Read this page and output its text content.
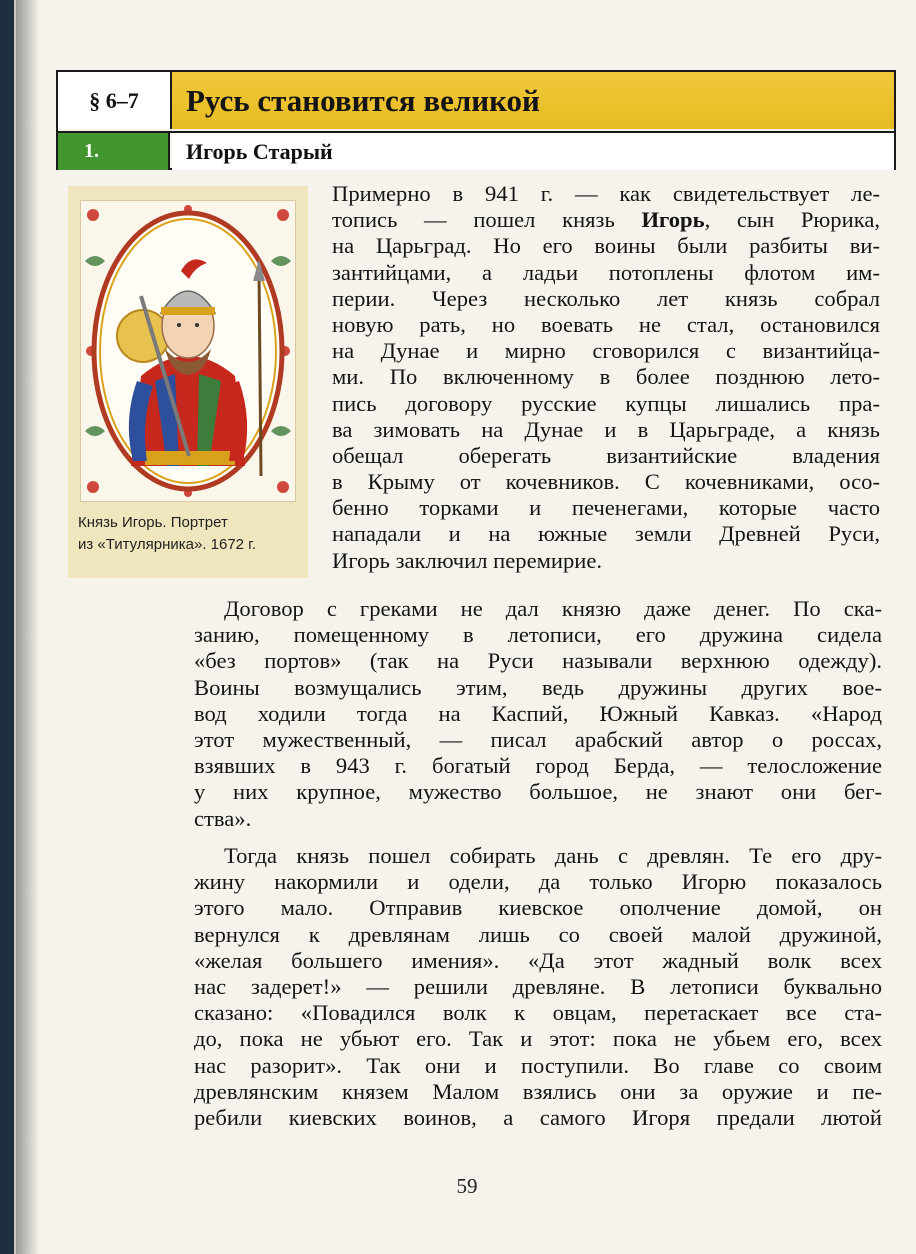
§ 6–7	Русь становится великой
1.	Игорь Старый
Князь Игорь. Портрет
из «Титулярника». 1672 г.
Примерно в 941 г. — как свидетельствует ле-
топись — пошел князь Игорь, сын Рюрика,
на Царьград. Но его воины были разбиты ви-
зантийцами, а ладьи потоплены флотом им-
перии. Через несколько лет князь собрал
новую рать, но воевать не стал, остановился
на Дунае и мирно сговорился с византийца-
ми. По включенному в более позднюю лето-
пись договору русские купцы лишались пра-
ва зимовать на Дунае и в Царьграде, а князь
обещал оберегать византийские владения
в Крыму от кочевников. С кочевниками, осо-
бенно торками и печенегами, которые часто
нападали и на южные земли Древней Руси,
Игорь заключил перемирие.
Договор с греками не дал князю даже денег. По ска-
занию, помещенному в летописи, его дружина сидела
«без портов» (так на Руси называли верхнюю одежду).
Воины возмущались этим, ведь дружины других вое-
вод ходили тогда на Каспий, Южный Кавказ. «Народ
этот мужественный, — писал арабский автор о россах,
взявших в 943 г. богатый город Берда, — телосложение
у них крупное, мужество большое, не знают они бег-
ства».
Тогда князь пошел собирать дань с древлян. Те его дру-
жину накормили и одели, да только Игорю показалось
этого мало. Отправив киевское ополчение домой, он
вернулся к древлянам лишь со своей малой дружиной,
«желая большего имения». «Да этот жадный волк всех
нас задерет!» — решили древляне. В летописи буквально
сказано: «Повадился волк к овцам, перетаскает все ста-
до, пока не убьют его. Так и этот: пока не убьем его, всех
нас разорит». Так они и поступили. Во главе со своим
древлянским князем Малом взялись они за оружие и пе-
ребили киевских воинов, а самого Игоря предали лютой
59
